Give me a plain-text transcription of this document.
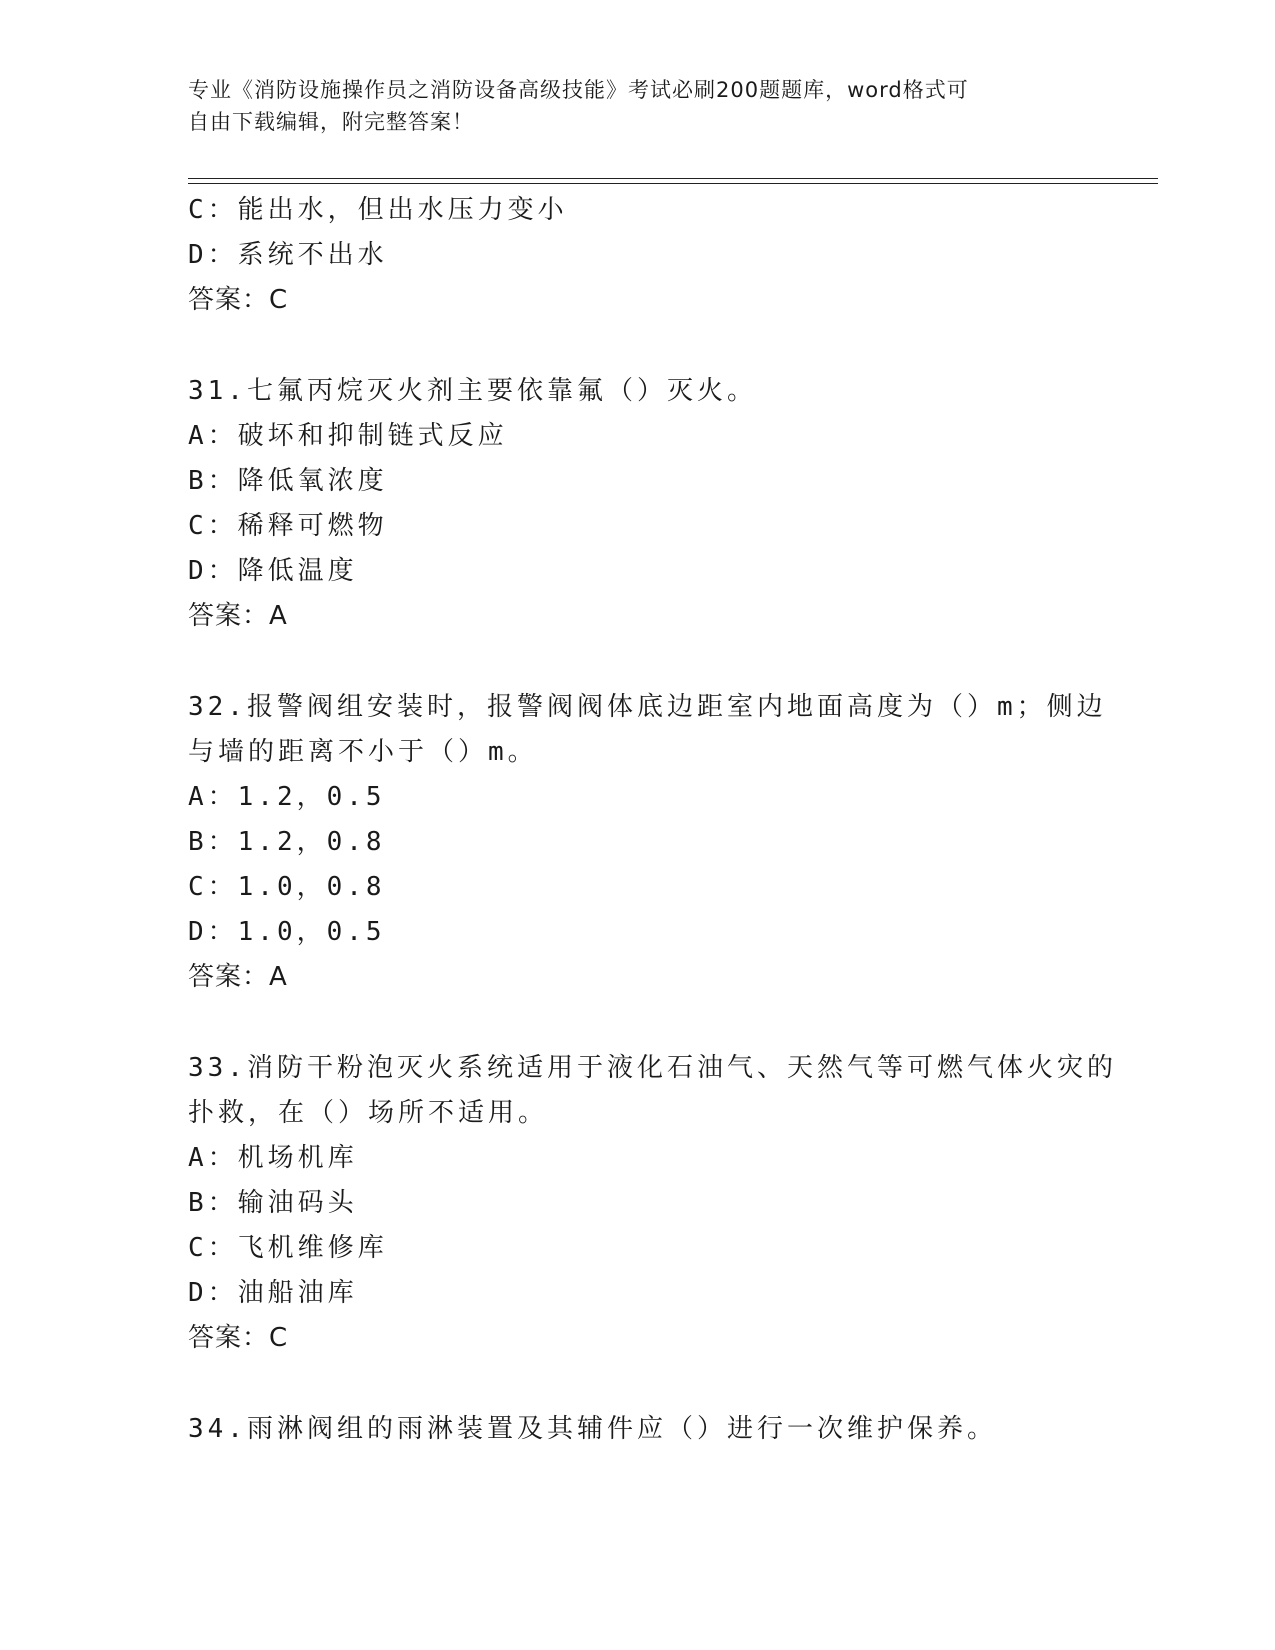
专业《消防设施操作员之消防设备高级技能》考试必刷200题题库，word格式可
自由下载编辑，附完整答案！
C：能出水，但出水压力变小
D：系统不出水
答案：C
31.七氟丙烷灭火剂主要依靠氟（）灭火。
A：破坏和抑制链式反应
B：降低氧浓度
C：稀释可燃物
D：降低温度
答案：A
32.报警阀组安装时，报警阀阀体底边距室内地面高度为（）m；侧边
与墙的距离不小于（）m。
A：1.2，0.5
B：1.2，0.8
C：1.0，0.8
D：1.0，0.5
答案：A
33.消防干粉泡灭火系统适用于液化石油气、天然气等可燃气体火灾的
扑救，在（）场所不适用。
A：机场机库
B：输油码头
C：飞机维修库
D：油船油库
答案：C
34.雨淋阀组的雨淋装置及其辅件应（）进行一次维护保养。
